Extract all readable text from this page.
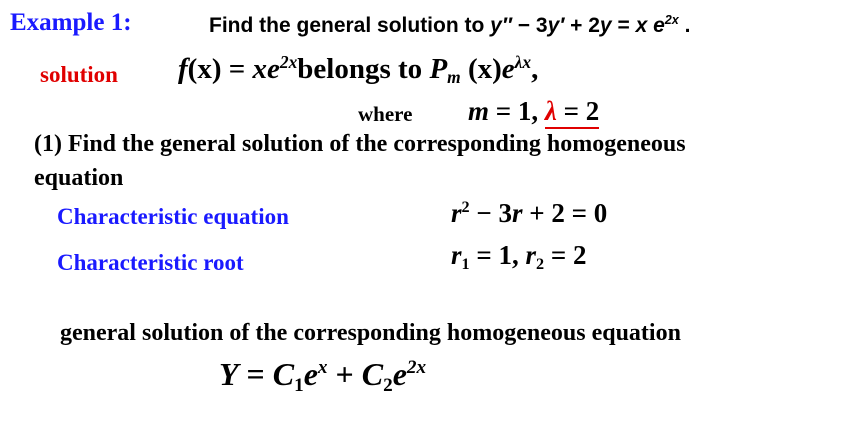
Example 1:	Find the general solution to y″ − 3y′ + 2y = x $e^{2x}$ .
solution $f(x) = xe^{2x}belongs$ to $P_m$ $(x)e^{\lambda x}$,
where m = 1, λ = 2
(1) Find the general solution of the corresponding homogeneous
equation
Characteristic equation	$r^2 - 3r + 2 = 0$
Characteristic root	$r_1 = 1$, $r_2 = 2$
general solution of the corresponding homogeneous equation
$Y = C_1e^x + C_2e^{2x}$
